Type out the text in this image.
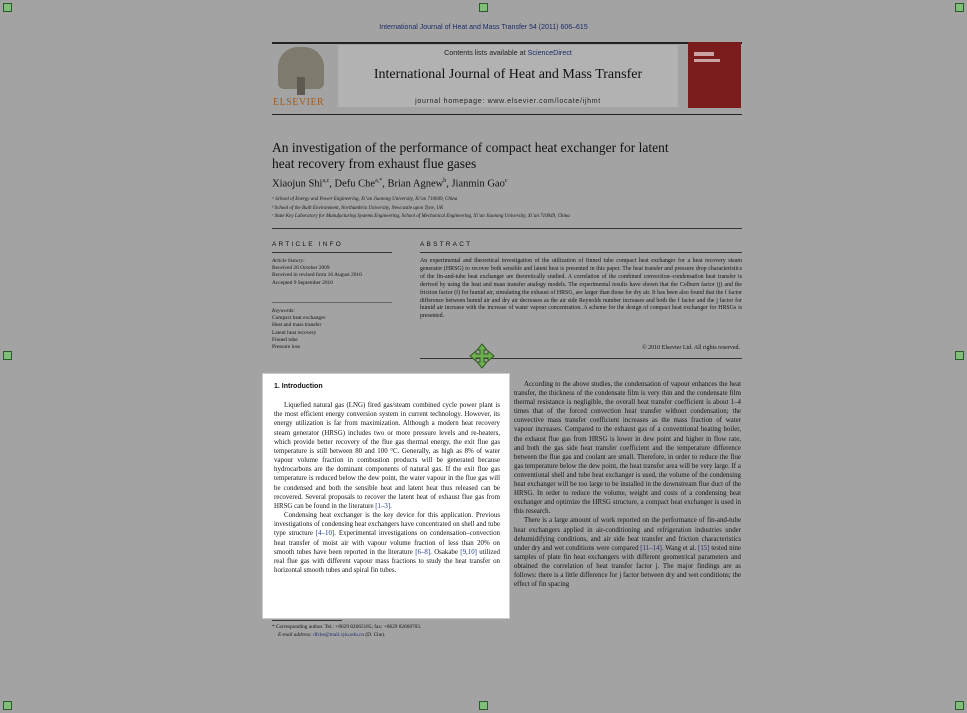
International Journal of Heat and Mass Transfer 54 (2011) 606–615
ELSEVIER
Contents lists available at ScienceDirect
International Journal of Heat and Mass Transfer
journal homepage: www.elsevier.com/locate/ijhmt
An investigation of the performance of compact heat exchanger for latent heat recovery from exhaust flue gases
Xiaojun Shi$^{a,c}$, Defu Che$^{a,*}$, Brian Agnew$^b$, Jianmin Gao$^c$
ᵃ School of Energy and Power Engineering, Xi’an Jiaotong University, Xi’an 710049, China
ᵇ School of the Built Environment, Northumbria University, Newcastle upon Tyne, UK
ᶜ State Key Laboratory for Manufacturing Systems Engineering, School of Mechanical Engineering, Xi’an Jiaotong University, Xi’an 710049, China
ARTICLE INFO
Article history:
Received 26 October 2009
Received in revised form 16 August 2010
Accepted 9 September 2010
Keywords:
Compact heat exchanger
Heat and mass transfer
Latent heat recovery
Finned tube
Pressure loss
ABSTRACT
An experimental and theoretical investigation of the utilization of finned tube compact heat exchanger for a heat recovery steam generator (HRSG) to recover both sensible and latent heat is presented in this paper. The heat transfer and pressure drop characteristics of the fin-and-tube heat exchanger are theoretically studied. A correlation of the combined convection–condensation heat transfer is derived by using the heat and mass transfer analogy models. The experimental results have shown that the Colburn factor (j) and the friction factor (f) for humid air, simulating the exhaust of HRSG, are larger than those for dry air. It has been also found that the f factor difference between humid air and dry air decreases as the air side Reynolds number increases and both the f factor and the j factor for humid air increase with the increase of water vapour concentration. A scheme for the design of compact heat exchanger for HRSGs is presented.
© 2010 Elsevier Ltd. All rights reserved.
1. Introduction

Liquefied natural gas (LNG) fired gas/steam combined cycle power plant is the most efficient energy conversion system in current technology. However, its energy utilization is far from maximization. Although a modern heat recovery steam generator (HRSG) includes two or more pressure levels and re-heaters, which provide better recovery of the flue gas thermal energy, the exit flue gas temperature is still between 80 and 100 °C. Generally, as high as 8% of water vapour volume fraction in combustion products will be generated because hydrocarbons are the dominant components of natural gas. If the exit flue gas temperature is reduced below the dew point, the water vapour in the flue gas will be condensed and both the sensible heat and latent heat thus released can be recovered. Several proposals to recover the latent heat of exhaust flue gas from HRSG can be found in the literature [1–3].

Condensing heat exchanger is the key device for this application. Previous investigations of condensing heat exchangers have concentrated on shell and tube type structure [4–10]. Experimental investigations on condensation–convection heat transfer of moist air with vapour volume fraction of less than 20% on smooth tubes have been reported in the literature [6–8]. Osakabe [9,10] utilized real flue gas with different vapour mass fractions to study the heat transfer on horizontal smooth tubes and spiral fin tubes.

According to the above studies, the condensation of vapour enhances the heat transfer, the thickness of the condensate film is very thin and the condensate film thermal resistance is negligible, the overall heat transfer coefficient is about 1–4 times that of the forced convection heat transfer without condensation; the convective mass transfer coefficient increases as the mass fraction of water vapour increases. Compared to the exhaust gas of a conventional heating boiler, the exhaust flue gas from HRSG is lower in dew point and higher in flow rate, and both the gas side heat transfer coefficient and the temperature difference between the flue gas and coolant are small. Therefore, in order to reduce the flue gas temperature below the dew point, the heat transfer area will be very large. If a conventional shell and tube heat exchanger is used, the volume of the condensing heat exchanger will be too large to be installed in the downstream flue duct of the HRSG. In order to reduce the volume, weight and costs of a condensing heat exchanger and optimize the HRSG structure, a compact heat exchanger is used in this research.

There is a large amount of work reported on the performance of fin-and-tube heat exchangers applied in air-conditioning and refrigeration industries under dehumidifying conditions, and air side heat transfer and friction characteristics under dry and wet conditions were compared [11–14]. Wang et al. [15] tested nine samples of plate fin heat exchangers with different geometrical parameters and obtained the correlation of heat transfer factor j. The major findings are as follows: there is a little difference for j factor between dry and wet conditions; the effect of fin spacing

* Corresponding author. Tel.: +8629 82665185; fax: +8629 82668703.
E-mail address: dfche@mail.xjtu.edu.cn (D. Che).
